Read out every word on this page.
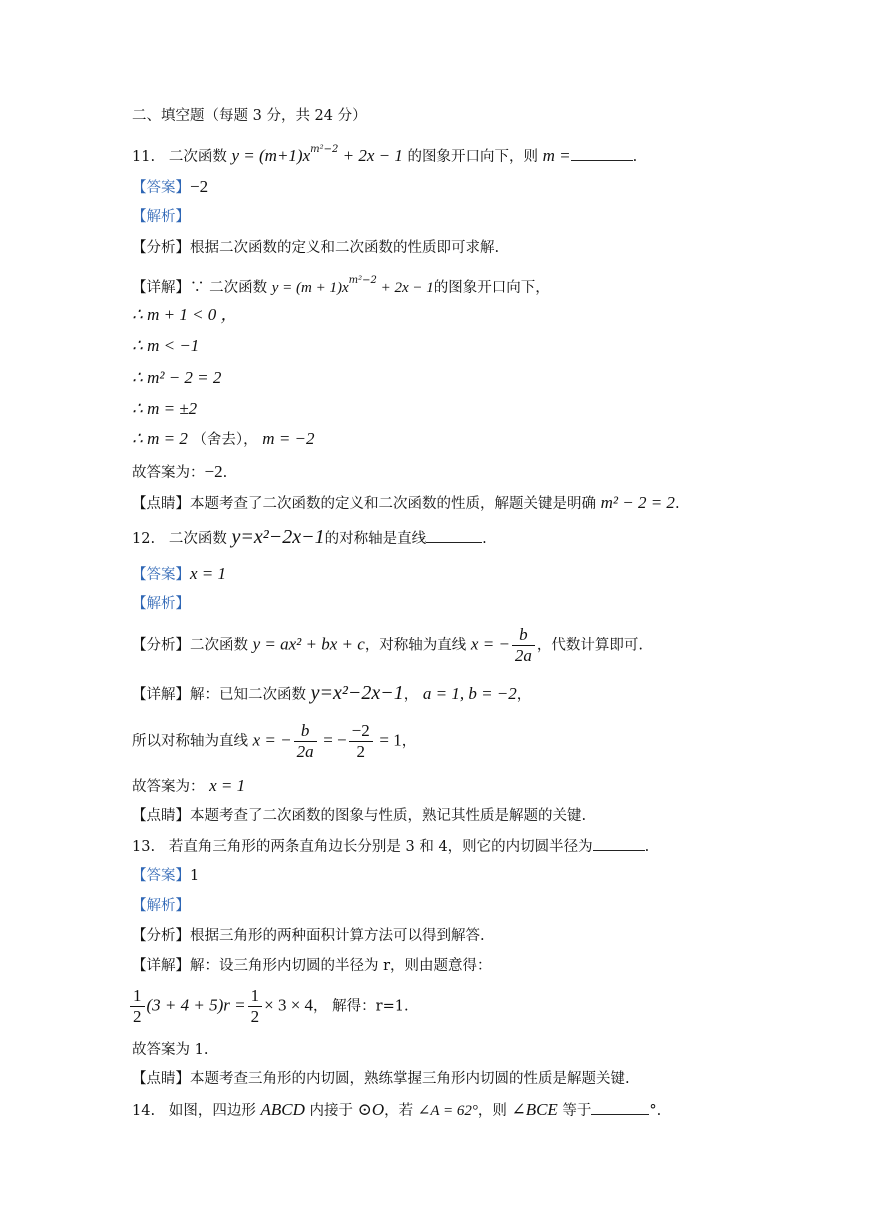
二、填空题（每题 3 分，共 24 分）
11. 二次函数 $y = (m+1)x^{m^2-2} + 2x - 1$ 的图象开口向下，则 m =	.
【答案】−2
【解析】
【分析】根据二次函数的定义和二次函数的性质即可求解.
【详解】∵ 二次函数 $y = (m + 1)x^{m^2-2} + 2x - 1$的图象开口向下，
∴ m + 1 < 0 ，
∴ m < −1
∴ m² − 2 = 2
∴ m = ±2
∴ m = 2 （舍去）， m = −2
故答案为：−2.
【点睛】本题考查了二次函数的定义和二次函数的性质，解题关键是明确 m² − 2 = 2.
12. 二次函数 y=x²−2x−1的对称轴是直线	.
【答案】x = 1
【解析】
【分析】二次函数 y = ax² + bx + c，对称轴为直线 x = − $\frac{b}{2a}$ ，代数计算即可.
【详解】解：已知二次函数 y=x²−2x−1， a = 1, b = −2，
所以对称轴为直线 x = − $\frac{b}{2a}$ = − $\frac{-2}{2} = 1$，
故答案为： x = 1
【点睛】本题考查了二次函数的图象与性质，熟记其性质是解题的关键.
13. 若直角三角形的两条直角边长分别是 3 和 4，则它的内切圆半径为	.
【答案】1
【解析】
【分析】根据三角形的两种面积计算方法可以得到解答.
【详解】解：设三角形内切圆的半径为 r，则由题意得：
$\frac{1}{2} (3 + 4 + 5)r = \frac{1}{2} \times 3 \times 4$， 解得：r=1.
故答案为 1.
【点睛】本题考查三角形的内切圆，熟练掌握三角形内切圆的性质是解题关键.
14. 如图，四边形 ABCD 内接于 ⊙O，若 ∠A = 62°，则 ∠BCE 等于	°.
